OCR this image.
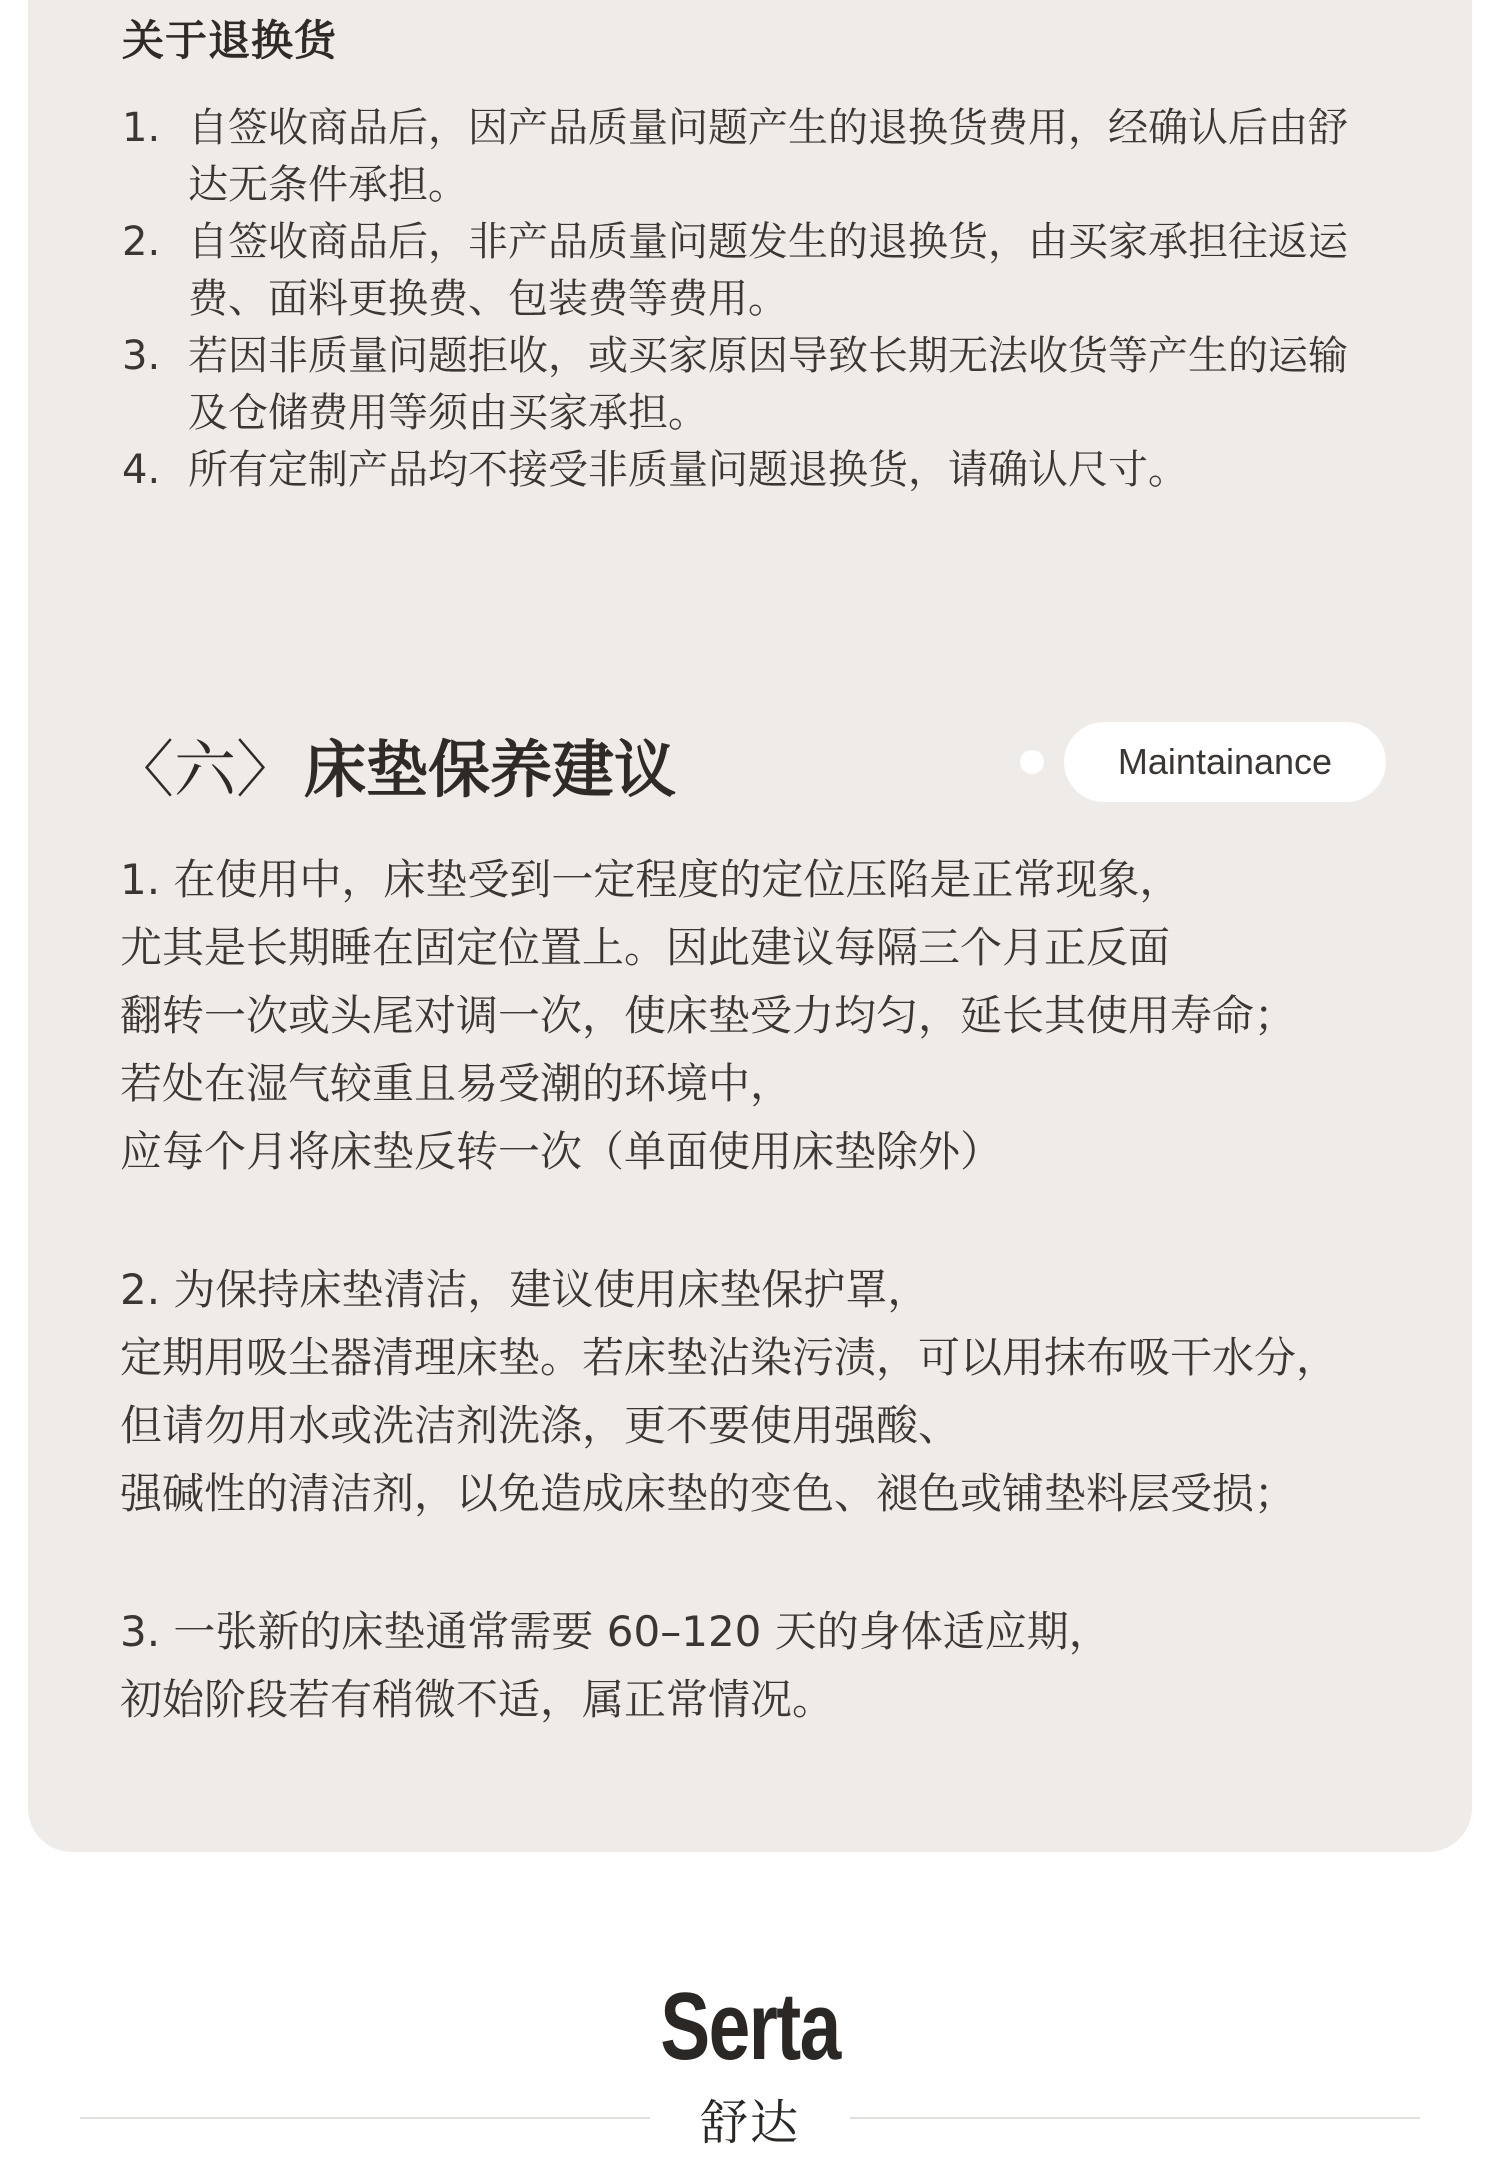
关于退换货
1. 自签收商品后，因产品质量问题产生的退换货费用，经确认后由舒达无条件承担。
2. 自签收商品后，非产品质量问题发生的退换货，由买家承担往返运费、面料更换费、包装费等费用。
3. 若因非质量问题拒收，或买家原因导致长期无法收货等产生的运输及仓储费用等须由买家承担。
4. 所有定制产品均不接受非质量问题退换货，请确认尺寸。
〈六〉 床垫保养建议	Maintainance
1. 在使用中，床垫受到一定程度的定位压陷是正常现象，
尤其是长期睡在固定位置上。因此建议每隔三个月正反面
翻转一次或头尾对调一次，使床垫受力均匀，延长其使用寿命；
若处在湿气较重且易受潮的环境中，
应每个月将床垫反转一次（单面使用床垫除外）
2. 为保持床垫清洁，建议使用床垫保护罩，
定期用吸尘器清理床垫。若床垫沾染污渍，可以用抹布吸干水分，
但请勿用水或洗洁剂洗涤，更不要使用强酸、
强碱性的清洁剂，以免造成床垫的变色、褪色或铺垫料层受损；
3. 一张新的床垫通常需要 60–120 天的身体适应期，
初始阶段若有稍微不适，属正常情况。
Serta
舒达
